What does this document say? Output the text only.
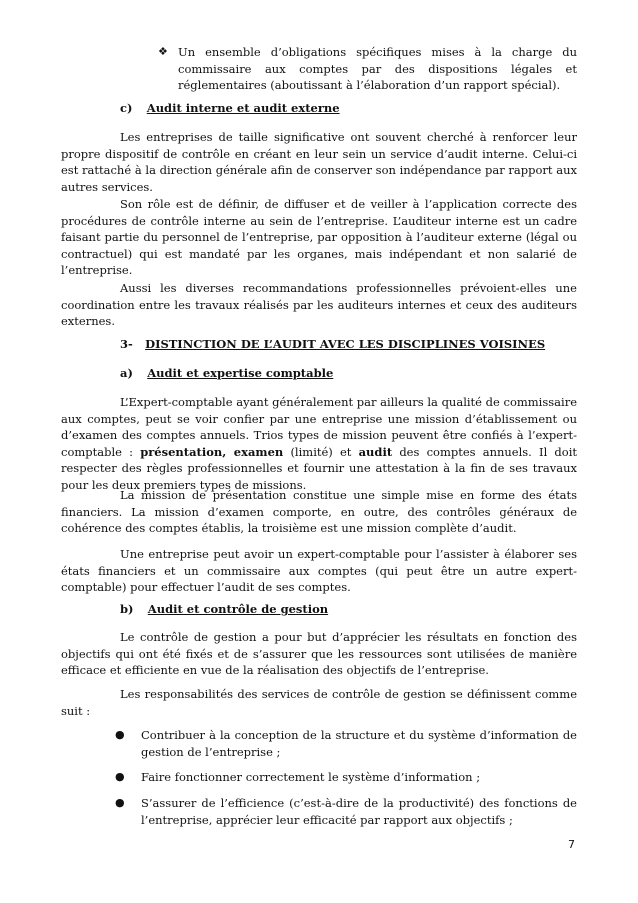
❖ Un ensemble d’obligations spécifiques mises à la charge du commissaire aux comptes par des dispositions légales et réglementaires (aboutissant à l’élaboration d’un rapport spécial).

c) Audit interne et audit externe

Les entreprises de taille significative ont souvent cherché à renforcer leur propre dispositif de contrôle en créant en leur sein un service d’audit interne. Celui-ci est rattaché à la direction générale afin de conserver son indépendance par rapport aux autres services.

Son rôle est de définir, de diffuser et de veiller à l’application correcte des procédures de contrôle interne au sein de l’entreprise. L’auditeur interne est un cadre faisant partie du personnel de l’entreprise, par opposition à l’auditeur externe (légal ou contractuel) qui est mandaté par les organes, mais indépendant et non salarié de l’entreprise.

Aussi les diverses recommandations professionnelles prévoient-elles une coordination entre les travaux réalisés par les auditeurs internes et ceux des auditeurs externes.

3- DISTINCTION DE L’AUDIT AVEC LES DISCIPLINES VOISINES
a) Audit et expertise comptable

L’Expert-comptable ayant généralement par ailleurs la qualité de commissaire aux comptes, peut se voir confier par une entreprise une mission d’établissement ou d’examen des comptes annuels. Trios types de mission peuvent être confiés à l’expert-comptable : présentation, examen (limité) et audit des comptes annuels. Il doit respecter des règles professionnelles et fournir une attestation à la fin de ses travaux pour les deux premiers types de missions.

La mission de présentation constitue une simple mise en forme des états financiers. La mission d’examen comporte, en outre, des contrôles généraux de cohérence des comptes établis, la troisième est une mission complète d’audit.

Une entreprise peut avoir un expert-comptable pour l’assister à élaborer ses états financiers et un commissaire aux comptes (qui peut être un autre expert-comptable) pour effectuer l’audit de ses comptes.

b) Audit et contrôle de gestion

Le contrôle de gestion a pour but d’apprécier les résultats en fonction des objectifs qui ont été fixés et de s’assurer que les ressources sont utilisées de manière efficace et efficiente en vue de la réalisation des objectifs de l’entreprise.

Les responsabilités des services de contrôle de gestion se définissent comme suit :

● Contribuer à la conception de la structure et du système d’information de gestion de l’entreprise ;

● Faire fonctionner correctement le système d’information ;

● S’assurer de l’efficience (c’est-à-dire de la productivité) des fonctions de l’entreprise, apprécier leur efficacité par rapport aux objectifs ;

7
